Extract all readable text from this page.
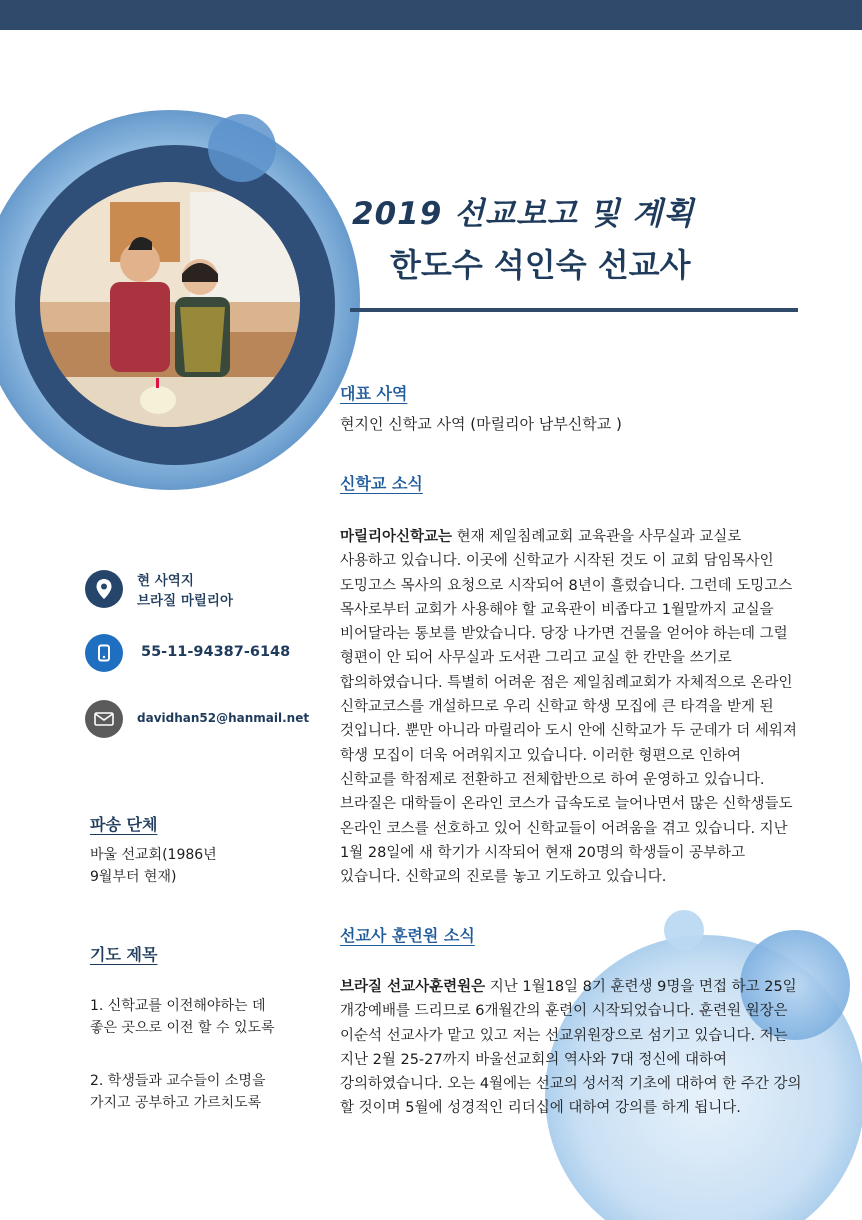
2019 선교보고 및 계획
한도수 석인숙 선교사
대표 사역
현지인 신학교 사역 (마릴리아 남부신학교 )
신학교 소식
마릴리아신학교는 현재 제일침례교회 교육관을 사무실과 교실로
사용하고 있습니다. 이곳에 신학교가 시작된 것도 이 교회 담임목사인
도밍고스 목사의 요청으로 시작되어 8년이 흘렀습니다. 그런데 도밍고스
목사로부터 교회가 사용해야 할 교육관이 비좁다고 1월말까지 교실을
비어달라는 통보를 받았습니다. 당장 나가면 건물을 얻어야 하는데 그럴
형편이 안 되어 사무실과 도서관 그리고 교실 한 칸만을 쓰기로
합의하였습니다. 특별히 어려운 점은 제일침례교회가 자체적으로 온라인
신학교코스를 개설하므로 우리 신학교 학생 모집에 큰 타격을 받게 된
것입니다. 뿐만 아니라 마릴리아 도시 안에 신학교가 두 군데가 더 세워져
학생 모집이 더욱 어려워지고 있습니다. 이러한 형편으로 인하여
신학교를 학점제로 전환하고 전체합반으로 하여 운영하고 있습니다.
브라질은 대학들이 온라인 코스가 급속도로 늘어나면서 많은 신학생들도
온라인 코스를 선호하고 있어 신학교들이 어려움을 겪고 있습니다. 지난
1월 28일에 새 학기가 시작되어 현재 20명의 학생들이 공부하고
있습니다. 신학교의 진로를 놓고 기도하고 있습니다.
선교사 훈련원 소식
브라질 선교사훈련원은 지난 1월18일 8기 훈련생 9명을 면접 하고 25일
개강예배를 드리므로 6개월간의 훈련이 시작되었습니다. 훈련원 원장은
이순석 선교사가 맡고 있고 저는 선교위원장으로 섬기고 있습니다. 저는
지난 2월 25-27까지 바울선교회의 역사와 7대 정신에 대하여
강의하였습니다. 오는 4월에는 선교의 성서적 기초에 대하여 한 주간 강의
할 것이며 5월에 성경적인 리더십에 대하여 강의를 하게 됩니다.
현 사역지
브라질 마릴리아
55-11-94387-6148
davidhan52@hanmail.net
파송 단체
바울 선교회(1986년
9월부터 현재)
기도 제목
1. 신학교를 이전해야하는 데
좋은 곳으로 이전 할 수 있도록
2. 학생들과 교수들이 소명을
가지고 공부하고 가르치도록
